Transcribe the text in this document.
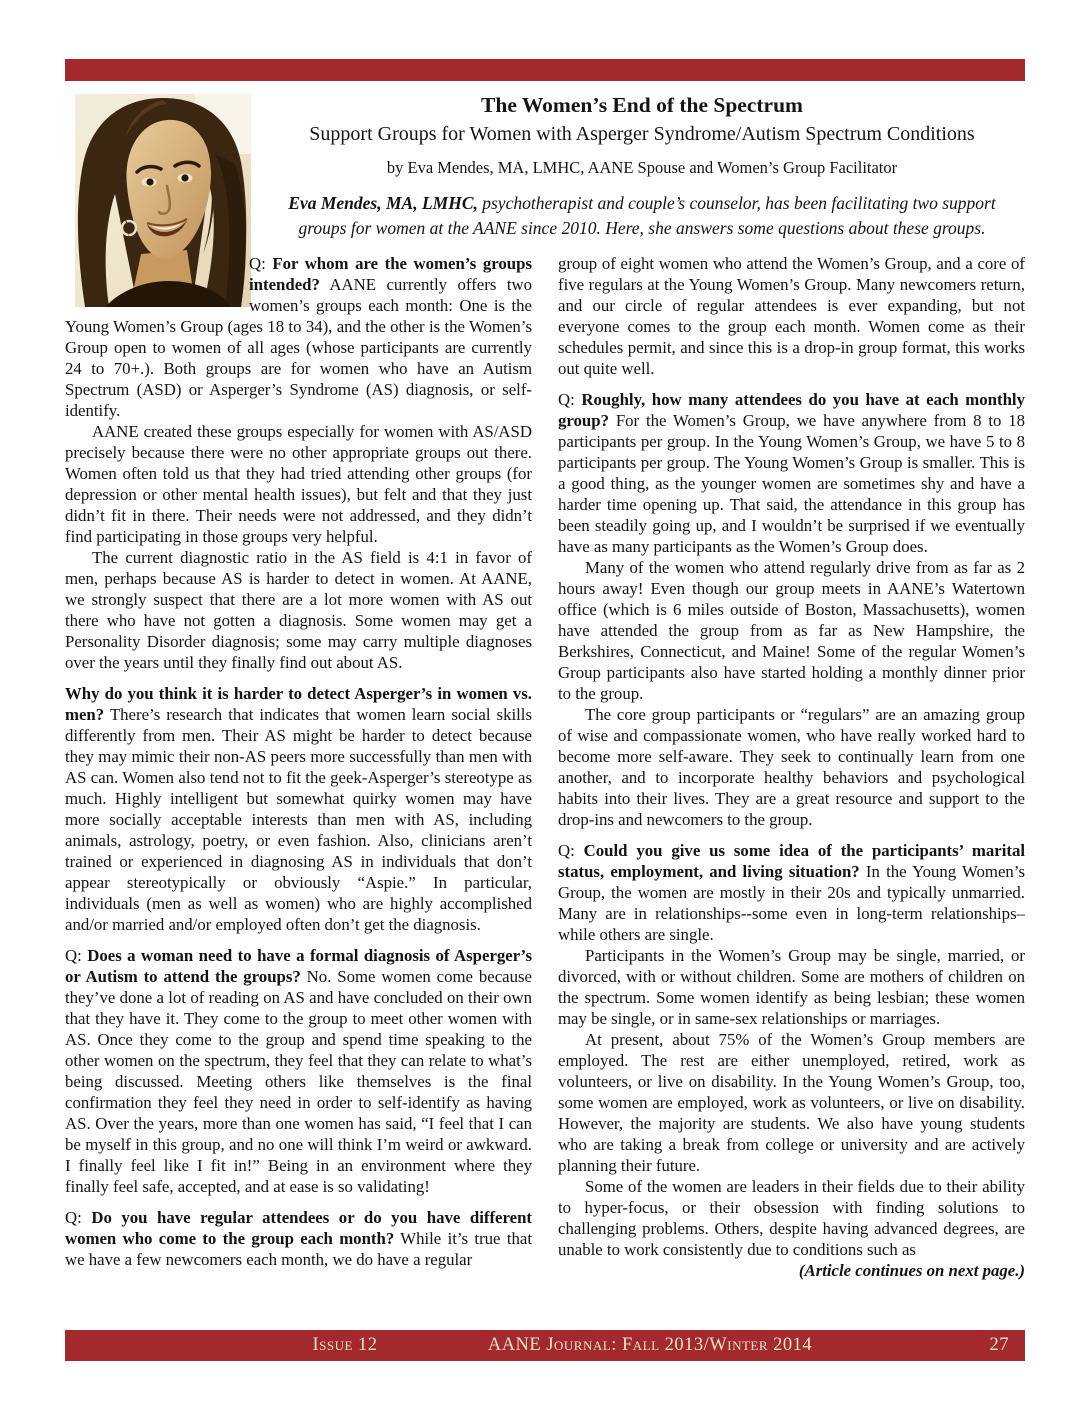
The Women’s End of the Spectrum
Support Groups for Women with Asperger Syndrome/Autism Spectrum Conditions
by Eva Mendes, MA, LMHC, AANE Spouse and Women’s Group Facilitator
Eva Mendes, MA, LMHC, psychotherapist and couple’s counselor, has been facilitating two support groups for women at the AANE since 2010. Here, she answers some questions about these groups.

Q: For whom are the women’s groups intended? AANE currently offers two women’s groups each month: One is the Young Women’s Group (ages 18 to 34), and the other is the Women’s Group open to women of all ages (whose participants are currently 24 to 70+.). Both groups are for women who have an Autism Spectrum (ASD) or Asperger’s Syndrome (AS) diagnosis, or self-identify.

AANE created these groups especially for women with AS/ASD precisely because there were no other appropriate groups out there. Women often told us that they had tried attending other groups (for depression or other mental health issues), but felt and that they just didn’t fit in there. Their needs were not addressed, and they didn’t find participating in those groups very helpful.

The current diagnostic ratio in the AS field is 4:1 in favor of men, perhaps because AS is harder to detect in women. At AANE, we strongly suspect that there are a lot more women with AS out there who have not gotten a diagnosis. Some women may get a Personality Disorder diagnosis; some may carry multiple diagnoses over the years until they finally find out about AS.

Why do you think it is harder to detect Asperger’s in women vs. men? There’s research that indicates that women learn social skills differently from men. Their AS might be harder to detect because they may mimic their non-AS peers more successfully than men with AS can. Women also tend not to fit the geek-Asperger’s stereotype as much. Highly intelligent but somewhat quirky women may have more socially acceptable interests than men with AS, including animals, astrology, poetry, or even fashion. Also, clinicians aren’t trained or experienced in diagnosing AS in individuals that don’t appear stereotypically or obviously “Aspie.” In particular, individuals (men as well as women) who are highly accomplished and/or married and/or employed often don’t get the diagnosis.

Q: Does a woman need to have a formal diagnosis of Asperger’s or Autism to attend the groups? No. Some women come because they’ve done a lot of reading on AS and have concluded on their own that they have it. They come to the group to meet other women with AS. Once they come to the group and spend time speaking to the other women on the spectrum, they feel that they can relate to what’s being discussed. Meeting others like themselves is the final confirmation they feel they need in order to self-identify as having AS. Over the years, more than one women has said, “I feel that I can be myself in this group, and no one will think I’m weird or awkward. I finally feel like I fit in!” Being in an environment where they finally feel safe, accepted, and at ease is so validating!

Q: Do you have regular attendees or do you have different women who come to the group each month? While it’s true that we have a few newcomers each month, we do have a regular

group of eight women who attend the Women’s Group, and a core of five regulars at the Young Women’s Group. Many newcomers return, and our circle of regular attendees is ever expanding, but not everyone comes to the group each month. Women come as their schedules permit, and since this is a drop-in group format, this works out quite well.

Q: Roughly, how many attendees do you have at each monthly group? For the Women’s Group, we have anywhere from 8 to 18 participants per group. In the Young Women’s Group, we have 5 to 8 participants per group. The Young Women’s Group is smaller. This is a good thing, as the younger women are sometimes shy and have a harder time opening up. That said, the attendance in this group has been steadily going up, and I wouldn’t be surprised if we eventually have as many participants as the Women’s Group does.

Many of the women who attend regularly drive from as far as 2 hours away! Even though our group meets in AANE’s Watertown office (which is 6 miles outside of Boston, Massachusetts), women have attended the group from as far as New Hampshire, the Berkshires, Connecticut, and Maine! Some of the regular Women’s Group participants also have started holding a monthly dinner prior to the group.

The core group participants or “regulars” are an amazing group of wise and compassionate women, who have really worked hard to become more self-aware. They seek to continually learn from one another, and to incorporate healthy behaviors and psychological habits into their lives. They are a great resource and support to the drop-ins and newcomers to the group.

Q: Could you give us some idea of the participants’ marital status, employment, and living situation? In the Young Women’s Group, the women are mostly in their 20s and typically unmarried. Many are in relationships--some even in long-term relationships–while others are single.

Participants in the Women’s Group may be single, married, or divorced, with or without children. Some are mothers of children on the spectrum. Some women identify as being lesbian; these women may be single, or in same-sex relationships or marriages.

At present, about 75% of the Women’s Group members are employed. The rest are either unemployed, retired, work as volunteers, or live on disability. In the Young Women’s Group, too, some women are employed, work as volunteers, or live on disability. However, the majority are students. We also have young students who are taking a break from college or university and are actively planning their future.

Some of the women are leaders in their fields due to their ability to hyper-focus, or their obsession with finding solutions to challenging problems. Others, despite having advanced degrees, are unable to work consistently due to conditions such as

(Article continues on next page.)

Issue 12	AANE Journal: Fall 2013/Winter 2014	27
